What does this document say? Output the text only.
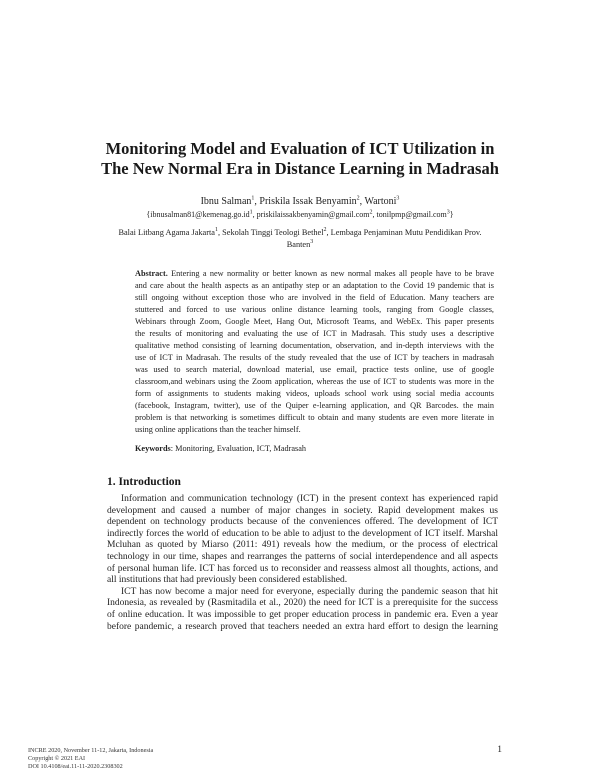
Monitoring Model and Evaluation of ICT Utilization in
The New Normal Era in Distance Learning in Madrasah
Ibnu Salman$^1$, Priskila Issak Benyamin$^2$, Wartoni$^3$
{$ibnusalman81@kemenag.go.id^1$, priskilaissakbenyamin@gmail.com$^2$, tonilpmp@gmail.com$^3$}
Balai Litbang Agama Jakarta$^1$, Sekolah Tinggi Teologi Bethel$^2$, Lembaga Penjaminan Mutu Pendidikan Prov.
Banten$^3$
Abstract. Entering a new normality or better known as new normal makes all people have to be brave
and care about the health aspects as an antipathy step or an adaptation to the Covid 19 pandemic that is
still ongoing without exception those who are involved in the field of Education. Many teachers are
stuttered and forced to use various online distance learning tools, ranging from Google classes,
Webinars through Zoom, Google Meet, Hang Out, Microsoft Teams, and WebEx. This paper presents
the results of monitoring and evaluating the use of ICT in Madrasah. This study uses a descriptive
qualitative method consisting of learning documentation, observation, and in-depth interviews with the
use of ICT in Madrasah. The results of the study revealed that the use of ICT by teachers in madrasah
was used to search material, download material, use email, practice tests online, use of google
classroom,and webinars using the Zoom application, whereas the use of ICT to students was more in the
form of assignments to students making videos, uploads school work using social media accounts
(facebook, Instagram, twitter), use of the Quiper e-learning application, and QR Barcodes. the main
problem is that networking is sometimes difficult to obtain and many students are even more literate in
using online applications than the teacher himself.
Keywords: Monitoring, Evaluation, ICT, Madrasah
1. Introduction
Information and communication technology (ICT) in the present context has experienced rapid
development and caused a number of major changes in society. Rapid development makes us
dependent on technology products because of the conveniences offered. The development of ICT
indirectly forces the world of education to be able to adjust to the development of ICT itself. Marshal
Mcluhan as quoted by Miarso (2011: 491) reveals how the medium, or the process of electrical
technology in our time, shapes and rearranges the patterns of social interdependence and all aspects
of personal human life. ICT has forced us to reconsider and reassess almost all thoughts, actions, and
all institutions that had previously been considered established.
ICT has now become a major need for everyone, especially during the pandemic season that hit
Indonesia, as revealed by (Rasmitadila et al., 2020) the need for ICT is a prerequisite for the success
of online education. It was impossible to get proper education process in pandemic era. Even a year
before pandemic, a research proved that teachers needed an extra hard effort to design the learning
1
INCRE 2020, November 11-12, Jakarta, Indonesia
Copyright © 2021 EAI
DOI 10.4108/eai.11-11-2020.2308302
